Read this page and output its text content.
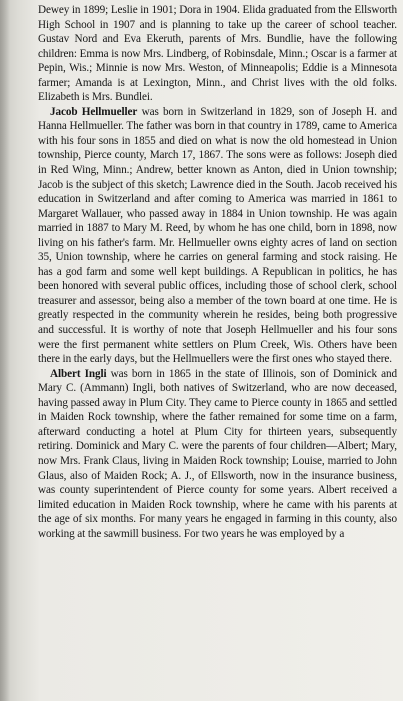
Dewey in 1899; Leslie in 1901; Dora in 1904. Elida graduated from the Ellsworth High School in 1907 and is planning to take up the career of school teacher. Gustav Nord and Eva Ekeruth, parents of Mrs. Bundlie, have the following children: Emma is now Mrs. Lindberg, of Robinsdale, Minn.; Oscar is a farmer at Pepin, Wis.; Minnie is now Mrs. Weston, of Minneapolis; Eddie is a Minnesota farmer; Amanda is at Lexington, Minn., and Christ lives with the old folks. Elizabeth is Mrs. Bundlei.

Jacob Hellmueller was born in Switzerland in 1829, son of Joseph H. and Hanna Hellmueller. The father was born in that country in 1789, came to America with his four sons in 1855 and died on what is now the old homestead in Union township, Pierce county, March 17, 1867. The sons were as follows: Joseph died in Red Wing, Minn.; Andrew, better known as Anton, died in Union township; Jacob is the subject of this sketch; Lawrence died in the South. Jacob received his education in Switzerland and after coming to America was married in 1861 to Margaret Wallauer, who passed away in 1884 in Union township. He was again married in 1887 to Mary M. Reed, by whom he has one child, born in 1898, now living on his father's farm. Mr. Hellmueller owns eighty acres of land on section 35, Union township, where he carries on general farming and stock raising. He has a god farm and some well kept buildings. A Republican in politics, he has been honored with several public offices, including those of school clerk, school treasurer and assessor, being also a member of the town board at one time. He is greatly respected in the community wherein he resides, being both progressive and successful. It is worthy of note that Joseph Hellmueller and his four sons were the first permanent white settlers on Plum Creek, Wis. Others have been there in the early days, but the Hellmuellers were the first ones who stayed there.

Albert Ingli was born in 1865 in the state of Illinois, son of Dominick and Mary C. (Ammann) Ingli, both natives of Switzerland, who are now deceased, having passed away in Plum City. They came to Pierce county in 1865 and settled in Maiden Rock township, where the father remained for some time on a farm, afterward conducting a hotel at Plum City for thirteen years, subsequently retiring. Dominick and Mary C. were the parents of four children—Albert; Mary, now Mrs. Frank Claus, living in Maiden Rock township; Louise, married to John Glaus, also of Maiden Rock; A. J., of Ellsworth, now in the insurance business, was county superintendent of Pierce county for some years. Albert received a limited education in Maiden Rock township, where he came with his parents at the age of six months. For many years he engaged in farming in this county, also working at the sawmill business. For two years he was employed by a
